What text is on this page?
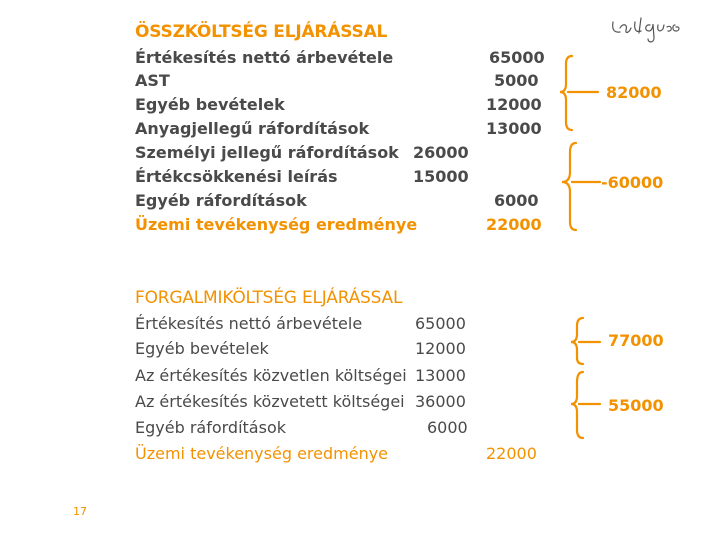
ÖSSZKÖLTSÉG ELJÁRÁSSAL
Értékesítés nettó árbevétele
AST
Egyéb bevételek
Anyagjellegű ráfordítások
Személyi jellegű ráfordítások
Értékcsökkenési leírás
Egyéb ráfordítások
Üzemi tevékenység eredménye
65000
5000
12000
13000
26000
15000
6000
22000
82000
-60000
FORGALMIKÖLTSÉG ELJÁRÁSSAL
Értékesítés nettó árbevétele
Egyéb bevételek
Az értékesítés közvetlen költségei
Az értékesítés közvetett költségei
Egyéb ráfordítások
Üzemi tevékenység eredménye
65000
12000
13000
36000
6000
22000
77000
55000
17
